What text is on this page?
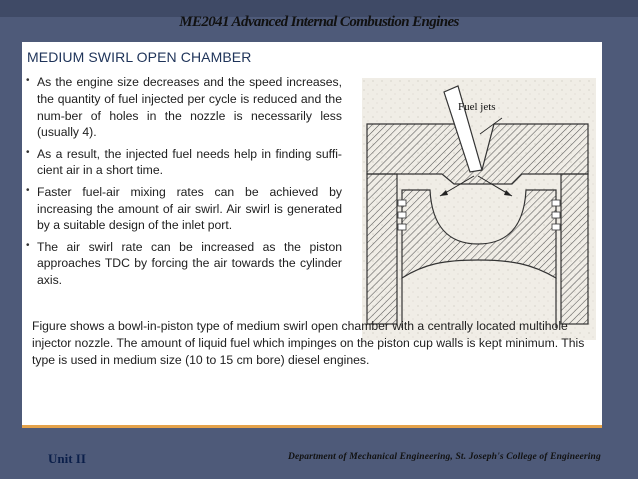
ME2041 Advanced Internal Combustion Engines
MEDIUM SWIRL OPEN CHAMBER
• As the engine size decreases and the speed increases, the quantity of fuel injected per cycle is reduced and the num-ber of holes in the nozzle is necessarily less (usually 4).
• As a result, the injected fuel needs help in finding suffi-cient air in a short time.
• Faster fuel-air mixing rates can be achieved by increasing the amount of air swirl. Air swirl is generated by a suitable design of the inlet port.
• The air swirl rate can be increased as the piston approaches TDC by forcing the air towards the cylinder axis.
Fuel jets
Figure shows a bowl-in-piston type of medium swirl open chamber with a centrally located multihole injector nozzle. The amount of liquid fuel which impinges on the piston cup walls is kept minimum. This type is used in medium size (10 to 15 cm bore) diesel engines.
Unit II	Department of Mechanical Engineering, St. Joseph's College of Engineering
